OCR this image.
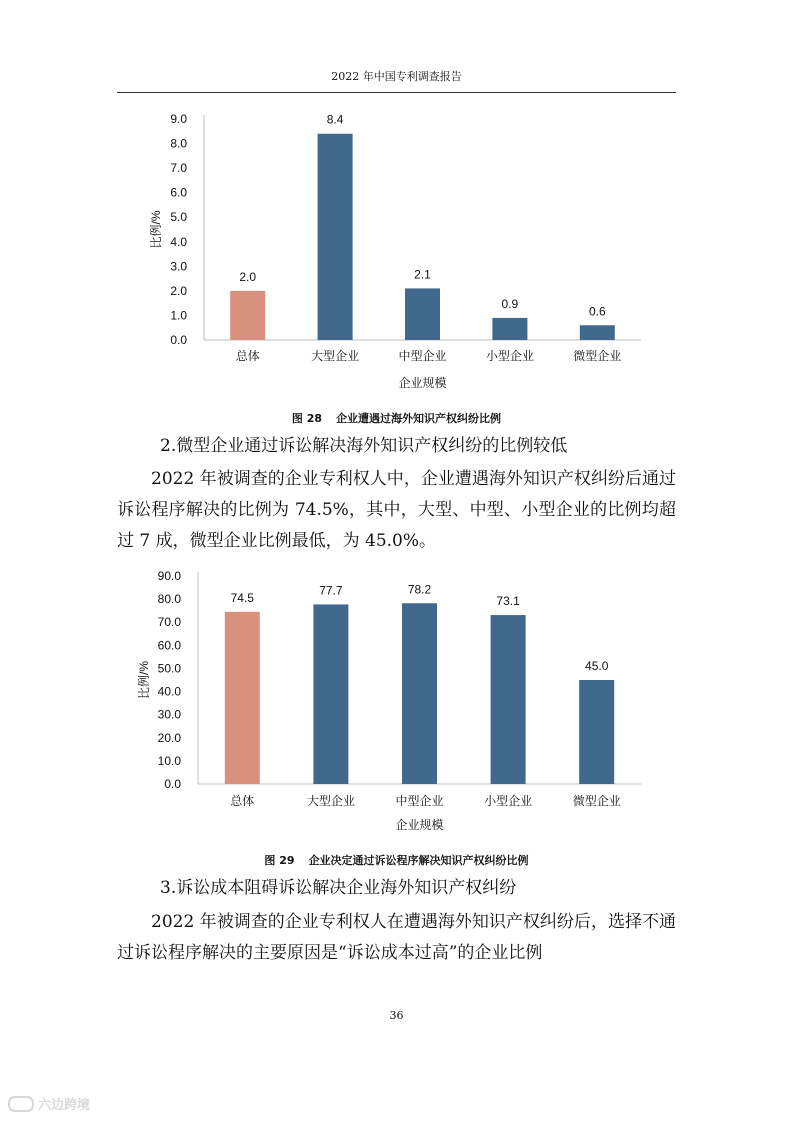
2022 年中国专利调查报告
0.0
1.0
2.0
3.0
4.0
5.0
6.0
7.0
8.0
9.0
2.0
总体
8.4
大型企业
2.1
中型企业
0.9
小型企业
0.6
微型企业
企业规模
比例/%
图 28 企业遭遇过海外知识产权纠纷比例
2.微型企业通过诉讼解决海外知识产权纠纷的比例较低

2022 年被调查的企业专利权人中，企业遭遇海外知识产权纠纷后通过诉讼程序解决的比例为 74.5%，其中，大型、中型、小型企业的比例均超过 7 成，微型企业比例最低，为 45.0%。

0.0
10.0
20.0
30.0
40.0
50.0
60.0
70.0
80.0
90.0
74.5
总体
77.7
大型企业
78.2
中型企业
73.1
小型企业
45.0
微型企业
企业规模
比例/%
图 29 企业决定通过诉讼程序解决知识产权纠纷比例
3.诉讼成本阻碍诉讼解决企业海外知识产权纠纷

2022 年被调查的企业专利权人在遭遇海外知识产权纠纷后，选择不通过诉讼程序解决的主要原因是“诉讼成本过高”的企业比例

36
六边跨境
